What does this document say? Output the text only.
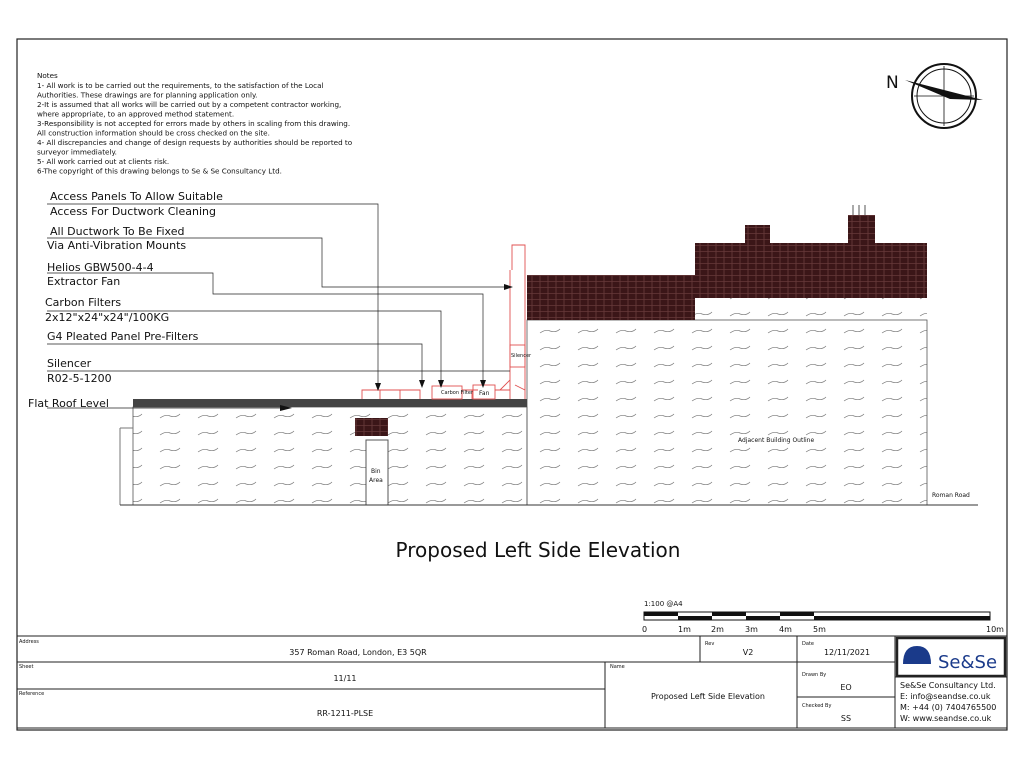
Notes
1- All work is to be carried out the requirements, to the satisfaction of the Local
Authorities. These drawings are for planning application only.
2-It is assumed that all works will be carried out by a competent contractor working,
where appropriate, to an approved method statement.
3-Responsibility is not accepted for errors made by others in scaling from this drawing.
All construction information should be cross checked on the site.
4- All discrepancies and change of design requests by authorities should be reported to
surveyor immediately.
5- All work carried out at clients risk.
6-The copyright of this drawing belongs to Se & Se Consultancy Ltd.
N
Adjacent Building Outline
Bin
Area
Roman Road
Carbon Filter Fan
Silencer
Access Panels To Allow Suitable
Access For Ductwork Cleaning
All Ductwork To Be Fixed
Via Anti-Vibration Mounts
Helios GBW500-4-4
Extractor Fan
Carbon Filters
2x12"x24"x24"/100KG
G4 Pleated Panel Pre-Filters
Silencer
R02-5-1200
Flat Roof Level
Proposed Left Side Elevation
1:100 @A4
0	1m	2m	3m	4m	5m	10m
Address
357 Roman Road, London, E3 5QR
Rev
V2
Date
12/11/2021
Sheet
11/11
Name
Proposed Left Side Elevation
Drawn By
EO
Checked By
SS
Reference
RR-1211-PLSE
Se&Se
Se&Se Consultancy Ltd.
E: info@seandse.co.uk
M: +44 (0) 7404765500
W: www.seandse.co.uk
